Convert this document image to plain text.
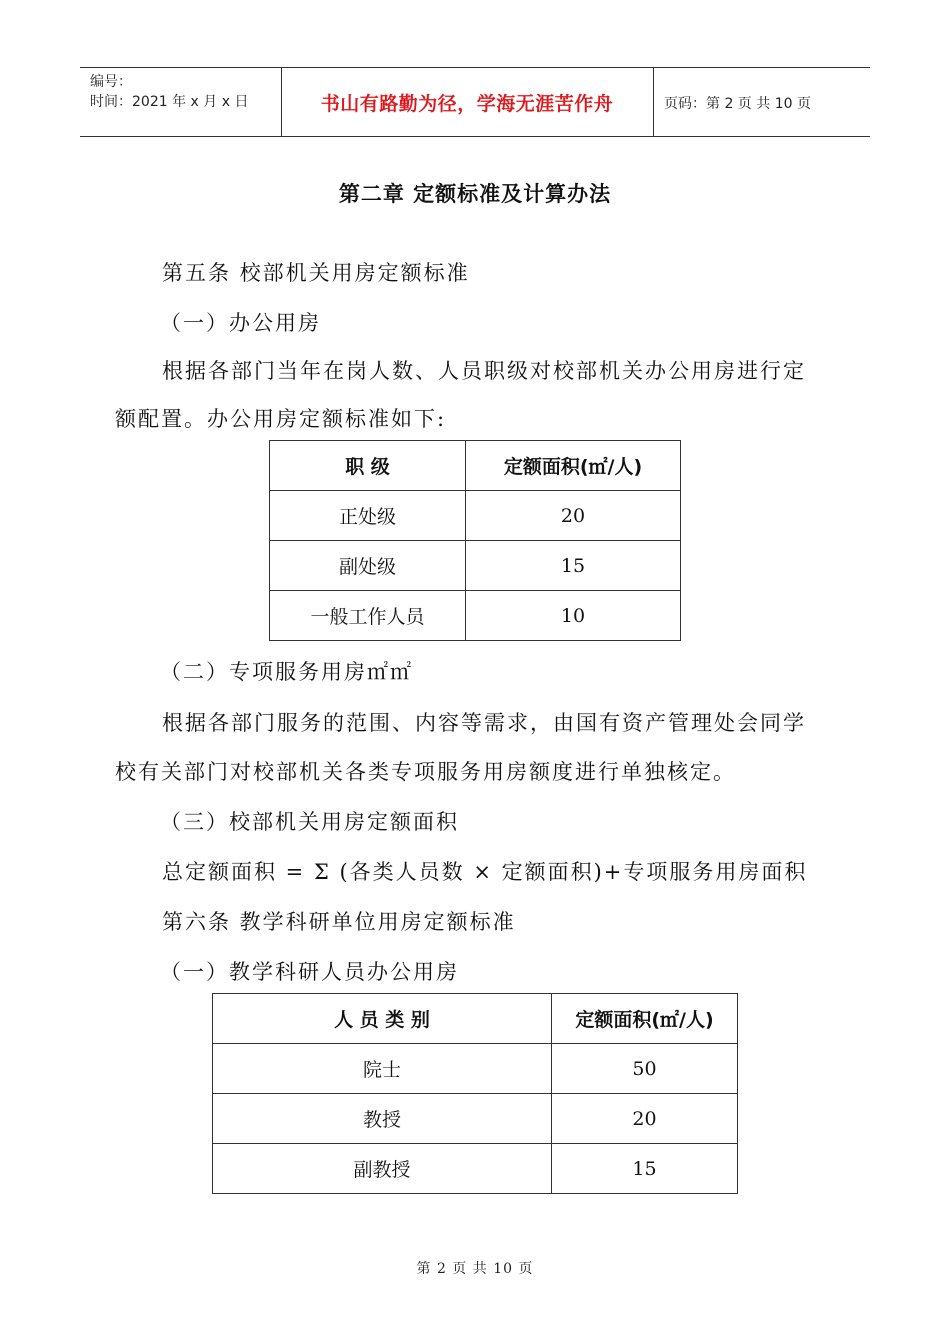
编号：
时间：2021 年 x 月 x 日	书山有路勤为径，学海无涯苦作舟	页码：第 2 页 共 10 页
第二章 定额标准及计算办法
第五条 校部机关用房定额标准
（一）办公用房
根据各部门当年在岗人数、人员职级对校部机关办公用房进行定
额配置。办公用房定额标准如下:
职 级	定额面积(㎡/人)
正处级	20
副处级	15
一般工作人员	10
（二）专项服务用房㎡㎡
根据各部门服务的范围、内容等需求，由国有资产管理处会同学
校有关部门对校部机关各类专项服务用房额度进行单独核定。
（三）校部机关用房定额面积
总定额面积 = Σ (各类人员数 × 定额面积)+专项服务用房面积
第六条 教学科研单位用房定额标准
（一）教学科研人员办公用房
人 员 类 别	定额面积(㎡/人)
院士	50
教授	20
副教授	15
第 2 页 共 10 页
